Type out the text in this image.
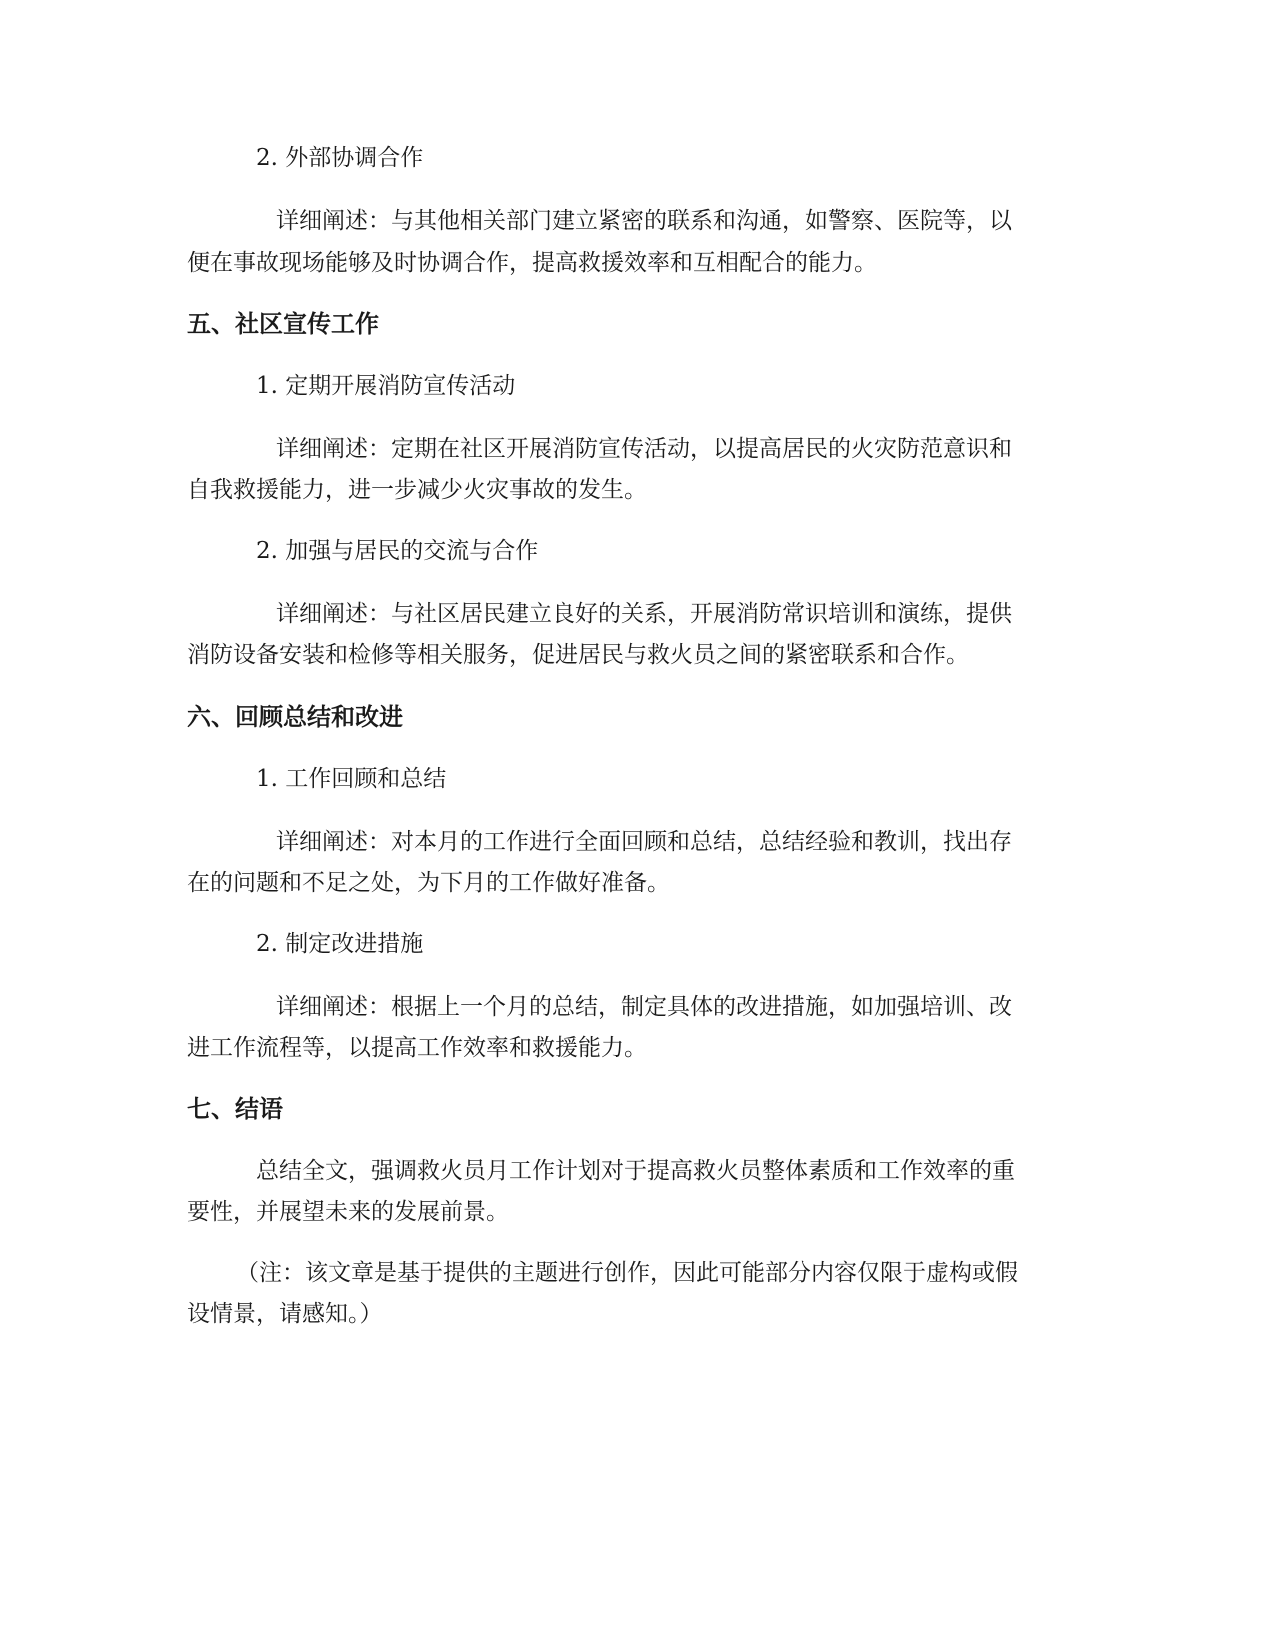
2. 外部协调合作
详细阐述：与其他相关部门建立紧密的联系和沟通，如警察、医院等，以
便在事故现场能够及时协调合作，提高救援效率和互相配合的能力。
五、社区宣传工作
1. 定期开展消防宣传活动
详细阐述：定期在社区开展消防宣传活动，以提高居民的火灾防范意识和
自我救援能力，进一步减少火灾事故的发生。
2. 加强与居民的交流与合作
详细阐述：与社区居民建立良好的关系，开展消防常识培训和演练，提供
消防设备安装和检修等相关服务，促进居民与救火员之间的紧密联系和合作。
六、回顾总结和改进
1. 工作回顾和总结
详细阐述：对本月的工作进行全面回顾和总结，总结经验和教训，找出存
在的问题和不足之处，为下月的工作做好准备。
2. 制定改进措施
详细阐述：根据上一个月的总结，制定具体的改进措施，如加强培训、改
进工作流程等，以提高工作效率和救援能力。
七、结语
总结全文，强调救火员月工作计划对于提高救火员整体素质和工作效率的重
要性，并展望未来的发展前景。
（注：该文章是基于提供的主题进行创作，因此可能部分内容仅限于虚构或假
设情景，请感知。）
